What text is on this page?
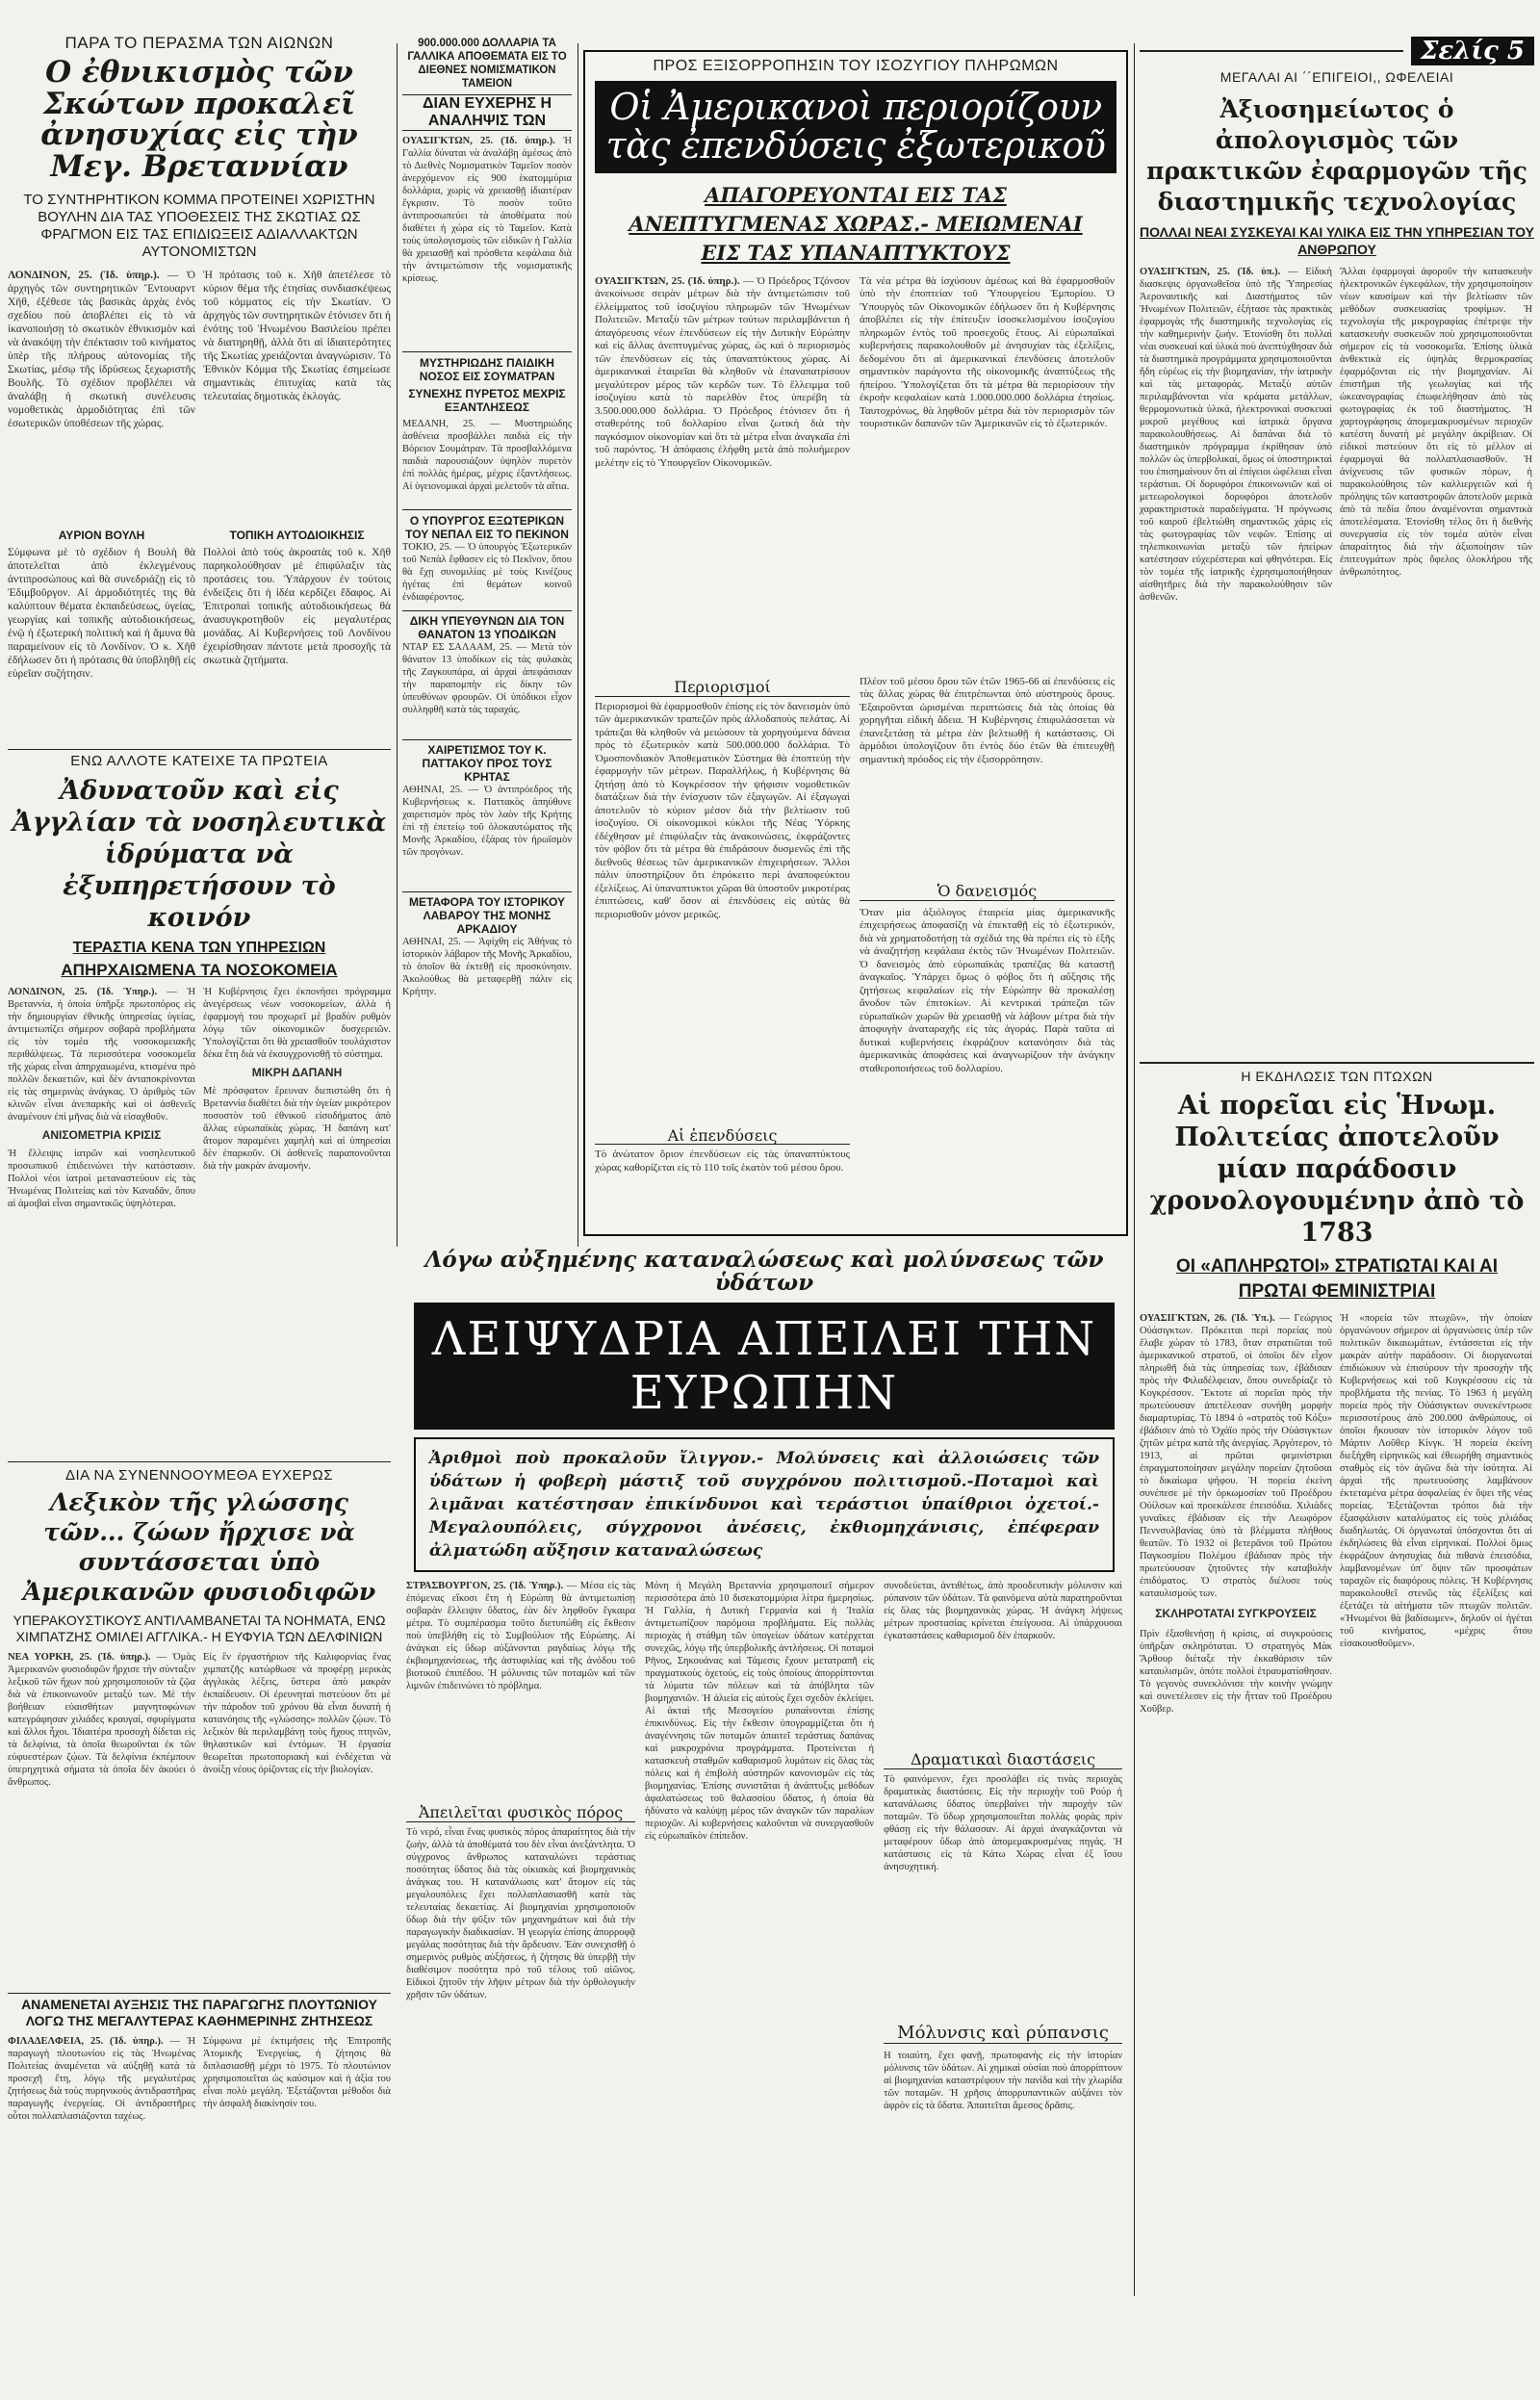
ΠΑΡΑ ΤΟ ΠΕΡΑΣΜΑ ΤΩΝ ΑΙΩΝΩΝ
Ο ἐθνικισμὸς τῶν Σκώτων προκαλεῖ ἀνησυχίας εἰς τὴν Μεγ. Βρεταννίαν
ΤΟ ΣΥΝΤΗΡΗΤΙΚΟΝ ΚΟΜΜΑ ΠΡΟΤΕΙΝΕΙ ΧΩΡΙΣΤΗΝ ΒΟΥΛΗΝ ΔΙΑ ΤΑΣ ΥΠΟΘΕΣΕΙΣ ΤΗΣ ΣΚΩΤΙΑΣ ΩΣ ΦΡΑΓΜΟΝ ΕΙΣ ΤΑΣ ΕΠΙΔΙΩΞΕΙΣ ΑΔΙΑΛΛΑΚΤΩΝ ΑΥΤΟΝΟΜΙΣΤΩΝ
ΛΟΝΔΙΝΟΝ, 25. (Ἰδ. ὑπηρ.). — Ὁ ἀρχηγὸς τῶν συντηρητικῶν Ἔντουαρντ Χῆθ, ἐξέθεσε τὰς βασικὰς ἀρχὰς ἑνὸς σχεδίου ποὺ ἀποβλέπει εἰς τὸ νὰ ἱκανοποιήσῃ τὸ σκωτικὸν ἐθνικισμὸν καὶ νὰ ἀνακόψῃ τὴν ἐπέκτασιν τοῦ κινήματος ὑπὲρ τῆς πλήρους αὐτονομίας τῆς Σκωτίας, μέσῳ τῆς ἱδρύσεως ξεχωριστῆς Βουλῆς. Τὸ σχέδιον προβλέπει νὰ ἀναλάβῃ ἡ σκωτικὴ συνέλευσις νομοθετικὰς ἁρμοδιότητας ἐπὶ τῶν ἐσωτερικῶν ὑποθέσεων τῆς χώρας.
Ἡ πρότασις τοῦ κ. Χῆθ ἀπετέλεσε τὸ κύριον θέμα τῆς ἐτησίας συνδιασκέψεως τοῦ κόμματος εἰς τὴν Σκωτίαν. Ὁ ἀρχηγὸς τῶν συντηρητικῶν ἐτόνισεν ὅτι ἡ ἑνότης τοῦ Ἡνωμένου Βασιλείου πρέπει νὰ διατηρηθῇ, ἀλλὰ ὅτι αἱ ἰδιαιτερότητες τῆς Σκωτίας χρειάζονται ἀναγνώρισιν. Τὸ Ἐθνικὸν Κόμμα τῆς Σκωτίας ἐσημείωσε σημαντικὰς ἐπιτυχίας κατὰ τὰς τελευταίας δημοτικὰς ἐκλογάς.
ΑΥΡΙΟΝ ΒΟΥΛΗ
Σύμφωνα μὲ τὸ σχέδιον ἡ Βουλὴ θὰ ἀποτελεῖται ἀπὸ ἐκλεγμένους ἀντιπροσώπους καὶ θὰ συνεδριάζῃ εἰς τὸ Ἐδιμβοῦργον. Αἱ ἁρμοδιότητές της θὰ καλύπτουν θέματα ἐκπαιδεύσεως, ὑγείας, γεωργίας καὶ τοπικῆς αὐτοδιοικήσεως, ἐνῷ ἡ ἐξωτερικὴ πολιτικὴ καὶ ἡ ἄμυνα θὰ παραμείνουν εἰς τὸ Λονδίνον. Ὁ κ. Χῆθ ἐδήλωσεν ὅτι ἡ πρότασις θὰ ὑποβληθῇ εἰς εὐρεῖαν συζήτησιν.
ΤΟΠΙΚΗ ΑΥΤΟΔΙΟΙΚΗΣΙΣ
Πολλοὶ ἀπὸ τοὺς ἀκροατὰς τοῦ κ. Χῆθ παρηκολούθησαν μὲ ἐπιφύλαξιν τὰς προτάσεις του. Ὑπάρχουν ἐν τούτοις ἐνδείξεις ὅτι ἡ ἰδέα κερδίζει ἔδαφος. Αἱ Ἐπιτροπαὶ τοπικῆς αὐτοδιοικήσεως θὰ ἀνασυγκροτηθοῦν εἰς μεγαλυτέρας μονάδας. Αἱ Κυβερνήσεις τοῦ Λονδίνου ἐχειρίσθησαν πάντοτε μετὰ προσοχῆς τὰ σκωτικὰ ζητήματα.
900.000.000 ΔΟΛΛΑΡΙΑ ΤΑ ΓΑΛΛΙΚΑ ΑΠΟΘΕΜΑΤΑ ΕΙΣ ΤΟ ΔΙΕΘΝΕΣ ΝΟΜΙΣΜΑΤΙΚΟΝ ΤΑΜΕΙΟΝ
ΔΙΑΝ ΕΥΧΕΡΗΣ Η ΑΝΑΛΗΨΙΣ ΤΩΝ
ΟΥΑΣΙΓΚΤΩΝ, 25. (Ἰδ. ὑπηρ.). Ἡ Γαλλία δύναται νὰ ἀναλάβῃ ἀμέσως ἀπὸ τὸ Διεθνὲς Νομισματικὸν Ταμεῖον ποσὸν ἀνερχόμενον εἰς 900 ἑκατομμύρια δολλάρια, χωρὶς νὰ χρειασθῇ ἰδιαιτέραν ἔγκρισιν. Τὸ ποσὸν τοῦτο ἀντιπροσωπεύει τὰ ἀποθέματα ποὺ διαθέτει ἡ χώρα εἰς τὸ Ταμεῖον. Κατὰ τοὺς ὑπολογισμοὺς τῶν εἰδικῶν ἡ Γαλλία θὰ χρειασθῇ καὶ πρόσθετα κεφάλαια διὰ τὴν ἀντιμετώπισιν τῆς νομισματικῆς κρίσεως.
ΜΥΣΤΗΡΙΩΔΗΣ ΠΑΙΔΙΚΗ ΝΟΣΟΣ ΕΙΣ ΣΟΥΜΑΤΡΑΝ
ΣΥΝΕΧΗΣ ΠΥΡΕΤΟΣ ΜΕΧΡΙΣ ΕΞΑΝΤΛΗΣΕΩΣ
ΜΕΔΑΝΗ, 25. — Μυστηριώδης ἀσθένεια προσβάλλει παιδιὰ εἰς τὴν Βόρειον Σουμάτραν. Τὰ προσβαλλόμενα παιδιὰ παρουσιάζουν ὑψηλὸν πυρετὸν ἐπὶ πολλὰς ἡμέρας, μέχρις ἐξαντλήσεως. Αἱ ὑγειονομικαὶ ἀρχαὶ μελετοῦν τὰ αἴτια.
Ο ΥΠΟΥΡΓΟΣ ΕΞΩΤΕΡΙΚΩΝ ΤΟΥ ΝΕΠΑΛ ΕΙΣ ΤΟ ΠΕΚΙΝΟΝ
ΤΟΚΙΟ, 25. — Ὁ ὑπουργὸς Ἐξωτερικῶν τοῦ Νεπὰλ ἔφθασεν εἰς τὸ Πεκῖνον, ὅπου θὰ ἔχῃ συνομιλίας μὲ τοὺς Κινέζους ἡγέτας ἐπὶ θεμάτων κοινοῦ ἐνδιαφέροντος.
ΔΙΚΗ ΥΠΕΥΘΥΝΩΝ ΔΙΑ ΤΟΝ ΘΑΝΑΤΟΝ 13 ΥΠΟΔΙΚΩΝ
ΝΤΑΡ ΕΣ ΣΑΛΑΑΜ, 25. — Μετὰ τὸν θάνατον 13 ὑποδίκων εἰς τὰς φυλακὰς τῆς Ζαγκουπάρα, αἱ ἀρχαὶ ἀπεφάσισαν τὴν παραπομπὴν εἰς δίκην τῶν ὑπευθύνων φρουρῶν. Οἱ ὑπόδικοι εἶχον συλληφθῆ κατὰ τὰς ταραχάς.
ΧΑΙΡΕΤΙΣΜΟΣ ΤΟΥ Κ. ΠΑΤΤΑΚΟΥ ΠΡΟΣ ΤΟΥΣ ΚΡΗΤΑΣ
ΑΘΗΝΑΙ, 25. — Ὁ ἀντιπρόεδρος τῆς Κυβερνήσεως κ. Παττακὸς ἀπηύθυνε χαιρετισμὸν πρὸς τὸν λαὸν τῆς Κρήτης ἐπὶ τῇ ἐπετείῳ τοῦ ὁλοκαυτώματος τῆς Μονῆς Ἀρκαδίου, ἐξάρας τὸν ἡρωϊσμὸν τῶν προγόνων.
ΜΕΤΑΦΟΡΑ ΤΟΥ ΙΣΤΟΡΙΚΟΥ ΛΑΒΑΡΟΥ ΤΗΣ ΜΟΝΗΣ ΑΡΚΑΔΙΟΥ
ΑΘΗΝΑΙ, 25. — Ἀφίχθη εἰς Ἀθήνας τὸ ἱστορικὸν λάβαρον τῆς Μονῆς Ἀρκαδίου, τὸ ὁποῖον θὰ ἐκτεθῇ εἰς προσκύνησιν. Ἀκολούθως θὰ μεταφερθῇ πάλιν εἰς Κρήτην.
ΠΡΟΣ ΕΞΙΣΟΡΡΟΠΗΣΙΝ ΤΟΥ ΙΣΟΖΥΓΙΟΥ ΠΛΗΡΩΜΩΝ
Οἱ Ἀμερικανοὶ περιορίζουν τὰς ἐπενδύσεις ἐξωτερικοῦ
ΑΠΑΓΟΡΕΥΟΝΤΑΙ ΕΙΣ ΤΑΣ ΑΝΕΠΤΥΓΜΕΝΑΣ ΧΩΡΑΣ.- ΜΕΙΩΜΕΝΑΙ ΕΙΣ ΤΑΣ ΥΠΑΝΑΠΤΥΚΤΟΥΣ
ΟΥΑΣΙΓΚΤΩΝ, 25. (Ἰδ. ὑπηρ.). — Ὁ Πρόεδρος Τζόνσον ἀνεκοίνωσε σειρὰν μέτρων διὰ τὴν ἀντιμετώπισιν τοῦ ἐλλείμματος τοῦ ἰσοζυγίου πληρωμῶν τῶν Ἡνωμένων Πολιτειῶν. Μεταξὺ τῶν μέτρων τούτων περιλαμβάνεται ἡ ἀπαγόρευσις νέων ἐπενδύσεων εἰς τὴν Δυτικὴν Εὐρώπην καὶ εἰς ἄλλας ἀνεπτυγμένας χώρας, ὡς καὶ ὁ περιορισμὸς τῶν ἐπενδύσεων εἰς τὰς ὑπαναπτύκτους χώρας. Αἱ ἀμερικανικαὶ ἑταιρεῖαι θὰ κληθοῦν νὰ ἐπαναπατρίσουν μεγαλύτερον μέρος τῶν κερδῶν των. Τὸ ἔλλειμμα τοῦ ἰσοζυγίου κατὰ τὸ παρελθὸν ἔτος ὑπερέβη τὰ 3.500.000.000 δολλάρια. Ὁ Πρόεδρος ἐτόνισεν ὅτι ἡ σταθερότης τοῦ δολλαρίου εἶναι ζωτικὴ διὰ τὴν παγκόσμιον οἰκονομίαν καὶ ὅτι τὰ μέτρα εἶναι ἀναγκαῖα ἐπὶ τοῦ παρόντος. Ἡ ἀπόφασις ἐλήφθη μετὰ ἀπὸ πολυήμερον μελέτην εἰς τὸ Ὑπουργεῖον Οἰκονομικῶν.
Τὰ νέα μέτρα θὰ ἰσχύσουν ἀμέσως καὶ θὰ ἐφαρμοσθοῦν ὑπὸ τὴν ἐποπτείαν τοῦ Ὑπουργείου Ἐμπορίου. Ὁ Ὑπουργὸς τῶν Οἰκονομικῶν ἐδήλωσεν ὅτι ἡ Κυβέρνησις ἀποβλέπει εἰς τὴν ἐπίτευξιν ἰσοσκελισμένου ἰσοζυγίου πληρωμῶν ἐντὸς τοῦ προσεχοῦς ἔτους. Αἱ εὐρωπαϊκαὶ κυβερνήσεις παρακολουθοῦν μὲ ἀνησυχίαν τὰς ἐξελίξεις, δεδομένου ὅτι αἱ ἀμερικανικαὶ ἐπενδύσεις ἀποτελοῦν σημαντικὸν παράγοντα τῆς οἰκονομικῆς ἀναπτύξεως τῆς ἠπείρου. Ὑπολογίζεται ὅτι τὰ μέτρα θὰ περιορίσουν τὴν ἐκροὴν κεφαλαίων κατὰ 1.000.000.000 δολλάρια ἐτησίως. Ταυτοχρόνως, θὰ ληφθοῦν μέτρα διὰ τὸν περιορισμὸν τῶν τουριστικῶν δαπανῶν τῶν Ἀμερικανῶν εἰς τὸ ἐξωτερικόν.
Περιορισμοί
Περιορισμοὶ θὰ ἐφαρμοσθοῦν ἐπίσης εἰς τὸν δανεισμὸν ὑπὸ τῶν ἀμερικανικῶν τραπεζῶν πρὸς ἀλλοδαποὺς πελάτας. Αἱ τράπεζαι θὰ κληθοῦν νὰ μειώσουν τὰ χορηγούμενα δάνεια πρὸς τὸ ἐξωτερικὸν κατὰ 500.000.000 δολλάρια. Τὸ Ὁμοσπονδιακὸν Ἀποθεματικὸν Σύστημα θὰ ἐποπτεύῃ τὴν ἐφαρμογὴν τῶν μέτρων. Παραλλήλως, ἡ Κυβέρνησις θὰ ζητήσῃ ἀπὸ τὸ Κογκρέσσον τὴν ψήφισιν νομοθετικῶν διατάξεων διὰ τὴν ἐνίσχυσιν τῶν ἐξαγωγῶν. Αἱ ἐξαγωγαὶ ἀποτελοῦν τὸ κύριον μέσον διὰ τὴν βελτίωσιν τοῦ ἰσοζυγίου. Οἱ οἰκονομικοὶ κύκλοι τῆς Νέας Ὑόρκης ἐδέχθησαν μὲ ἐπιφύλαξιν τὰς ἀνακοινώσεις, ἐκφράζοντες τὸν φόβον ὅτι τὰ μέτρα θὰ ἐπιδράσουν δυσμενῶς ἐπὶ τῆς διεθνοῦς θέσεως τῶν ἀμερικανικῶν ἐπιχειρήσεων. Ἄλλοι πάλιν ὑποστηρίζουν ὅτι ἐπρόκειτο περὶ ἀναποφεύκτου ἐξελίξεως. Αἱ ὑπαναπτυκτοι χῶραι θὰ ὑποστοῦν μικροτέρας ἐπιπτώσεις, καθ' ὅσον αἱ ἐπενδύσεις εἰς αὐτὰς θὰ περιορισθοῦν μόνον μερικῶς.
Αἱ ἐπενδύσεις
Τὸ ἀνώτατον ὅριον ἐπενδύσεων εἰς τὰς ὑπαναπτύκτους χώρας καθορίζεται εἰς τὸ 110 τοῖς ἑκατὸν τοῦ μέσου ὅρου.
Πλέον τοῦ μέσου ὅρου τῶν ἐτῶν 1965-66 αἱ ἐπενδύσεις εἰς τὰς ἄλλας χώρας θὰ ἐπιτρέπωνται ὑπὸ αὐστηροὺς ὅρους. Ἐξαιροῦνται ὡρισμέναι περιπτώσεις διὰ τὰς ὁποίας θὰ χορηγῆται εἰδικὴ ἄδεια. Ἡ Κυβέρνησις ἐπιφυλάσσεται νὰ ἐπανεξετάσῃ τὰ μέτρα ἐὰν βελτιωθῇ ἡ κατάστασις. Οἱ ἀρμόδιοι ὑπολογίζουν ὅτι ἐντὸς δύο ἐτῶν θὰ ἐπιτευχθῇ σημαντικὴ πρόοδος εἰς τὴν ἐξισορρόπησιν.
Ὁ δανεισμός
Ὅταν μία ἀξιόλογος ἑταιρεία μίας ἀμερικανικῆς ἐπιχειρήσεως ἀποφασίζῃ νὰ ἐπεκταθῇ εἰς τὸ ἐξωτερικόν, διὰ νὰ χρηματοδοτήσῃ τὰ σχέδιά της θὰ πρέπει εἰς τὸ ἑξῆς νὰ ἀναζητήσῃ κεφάλαια ἐκτὸς τῶν Ἡνωμένων Πολιτειῶν. Ὁ δανεισμὸς ἀπὸ εὐρωπαϊκὰς τραπέζας θὰ καταστῇ ἀναγκαῖος. Ὑπάρχει ὅμως ὁ φόβος ὅτι ἡ αὔξησις τῆς ζητήσεως κεφαλαίων εἰς τὴν Εὐρώπην θὰ προκαλέσῃ ἄνοδον τῶν ἐπιτοκίων. Αἱ κεντρικαὶ τράπεζαι τῶν εὐρωπαϊκῶν χωρῶν θὰ χρειασθῇ νὰ λάβουν μέτρα διὰ τὴν ἀποφυγὴν ἀναταραχῆς εἰς τὰς ἀγοράς. Παρὰ ταῦτα αἱ δυτικαὶ κυβερνήσεις ἐκφράζουν κατανόησιν διὰ τὰς ἀμερικανικὰς ἀποφάσεις καὶ ἀναγνωρίζουν τὴν ἀνάγκην σταθεροποιήσεως τοῦ δολλαρίου.
Σελίς 5
ΜΕΓΑΛΑΙ ΑΙ ΄΄ΕΠΙΓΕΙΟΙ,, ΩΦΕΛΕΙΑΙ
Ἀξιοσημείωτος ὁ ἀπολογισμὸς τῶν πρακτικῶν ἐφαρμογῶν τῆς διαστημικῆς τεχνολογίας
ΠΟΛΛΑΙ ΝΕΑΙ ΣΥΣΚΕΥΑΙ ΚΑΙ ΥΛΙΚΑ ΕΙΣ ΤΗΝ ΥΠΗΡΕΣΙΑΝ ΤΟΥ ΑΝΘΡΩΠΟΥ
ΟΥΑΣΙΓΚΤΩΝ, 25. (Ἰδ. ὑπ.). — Εἰδικὴ διασκεψις ὀργανωθεῖσα ὑπὸ τῆς Ὑπηρεσίας Ἀεροναυτικῆς καὶ Διαστήματος τῶν Ἡνωμένων Πολιτειῶν, ἐξήτασε τὰς πρακτικὰς ἐφαρμογὰς τῆς διαστημικῆς τεχνολογίας εἰς τὴν καθημερινὴν ζωήν. Ἐτονίσθη ὅτι πολλαὶ νέαι συσκευαὶ καὶ ὑλικὰ ποὺ ἀνεπτύχθησαν διὰ τὰ διαστημικὰ προγράμματα χρησιμοποιοῦνται ἤδη εὐρέως εἰς τὴν βιομηχανίαν, τὴν ἰατρικὴν καὶ τὰς μεταφοράς. Μεταξὺ αὐτῶν περιλαμβάνονται νέα κράματα μετάλλων, θερμομονωτικὰ ὑλικά, ἠλεκτρονικαὶ συσκευαὶ μικροῦ μεγέθους καὶ ἰατρικὰ ὄργανα παρακολουθήσεως. Αἱ δαπάναι διὰ τὸ διαστημικὸν πρόγραμμα ἐκρίθησαν ὑπὸ πολλῶν ὡς ὑπερβολικαί, ὅμως οἱ ὑποστηρικταὶ του ἐπισημαίνουν ὅτι αἱ ἐπίγειοι ὠφέλειαι εἶναι τεράστιαι. Οἱ δορυφόροι ἐπικοινωνιῶν καὶ οἱ μετεωρολογικοὶ δορυφόροι ἀποτελοῦν χαρακτηριστικὰ παραδείγματα. Ἡ πρόγνωσις τοῦ καιροῦ ἐβελτιώθη σημαντικῶς χάρις εἰς τὰς φωτογραφίας τῶν νεφῶν. Ἐπίσης αἱ τηλεπικοινωνίαι μεταξὺ τῶν ἠπείρων κατέστησαν εὐχερέστεραι καὶ φθηνότεραι. Εἰς τὸν τομέα τῆς ἰατρικῆς ἐχρησιμοποιήθησαν αἰσθητῆρες διὰ τὴν παρακολούθησιν τῶν ἀσθενῶν.
Ἄλλαι ἐφαρμογαὶ ἀφοροῦν τὴν κατασκευὴν ἠλεκτρονικῶν ἐγκεφάλων, τὴν χρησιμοποίησιν νέων καυσίμων καὶ τὴν βελτίωσιν τῶν μεθόδων συσκευασίας τροφίμων. Ἡ τεχνολογία τῆς μικρογραφίας ἐπέτρεψε τὴν κατασκευὴν συσκευῶν ποὺ χρησιμοποιοῦνται σήμερον εἰς τὰ νοσοκομεῖα. Ἐπίσης ὑλικὰ ἀνθεκτικὰ εἰς ὑψηλὰς θερμοκρασίας ἐφαρμόζονται εἰς τὴν βιομηχανίαν. Αἱ ἐπιστῆμαι τῆς γεωλογίας καὶ τῆς ὠκεανογραφίας ἐπωφελήθησαν ἀπὸ τὰς φωτογραφίας ἐκ τοῦ διαστήματος. Ἡ χαρτογράφησις ἀπομεμακρυσμένων περιοχῶν κατέστη δυνατὴ μὲ μεγάλην ἀκρίβειαν. Οἱ εἰδικοὶ πιστεύουν ὅτι εἰς τὸ μέλλον αἱ ἐφαρμογαὶ θὰ πολλαπλασιασθοῦν. Ἡ ἀνίχνευσις τῶν φυσικῶν πόρων, ἡ παρακολούθησις τῶν καλλιεργειῶν καὶ ἡ πρόληψις τῶν καταστροφῶν ἀποτελοῦν μερικὰ ἀπὸ τὰ πεδία ὅπου ἀναμένονται σημαντικὰ ἀποτελέσματα. Ἐτονίσθη τέλος ὅτι ἡ διεθνὴς συνεργασία εἰς τὸν τομέα αὐτὸν εἶναι ἀπαραίτητος διὰ τὴν ἀξιοποίησιν τῶν ἐπιτευγμάτων πρὸς ὄφελος ὁλοκλήρου τῆς ἀνθρωπότητος.
Η ΕΚΔΗΛΩΣΙΣ ΤΩΝ ΠΤΩΧΩΝ
Αἱ πορεῖαι εἰς Ἡνωμ. Πολιτείας ἀποτελοῦν μίαν παράδοσιν χρονολογουμένην ἀπὸ τὸ 1783
ΟΙ «ΑΠΛΗΡΩΤΟΙ» ΣΤΡΑΤΙΩΤΑΙ ΚΑΙ ΑΙ ΠΡΩΤΑΙ ΦΕΜΙΝΙΣΤΡΙΑΙ
ΟΥΑΣΙΓΚΤΩΝ, 26. (Ἰδ. Ὑπ.). — Γεώργιος Οὐάσιγκτων. Πρόκειται περὶ πορείας ποὺ ἔλαβε χώραν τὸ 1783, ὅταν στρατιῶται τοῦ ἀμερικανικοῦ στρατοῦ, οἱ ὁποῖοι δὲν εἶχον πληρωθῆ διὰ τὰς ὑπηρεσίας των, ἐβάδισαν πρὸς τὴν Φιλαδέλφειαν, ὅπου συνεδρίαζε τὸ Κογκρέσσον. Ἔκτοτε αἱ πορεῖαι πρὸς τὴν πρωτεύουσαν ἀπετέλεσαν συνήθη μορφὴν διαμαρτυρίας. Τὸ 1894 ὁ «στρατὸς τοῦ Κόξυ» ἐβάδισεν ἀπὸ τὸ Ὀχάϊο πρὸς τὴν Οὐάσιγκτων ζητῶν μέτρα κατὰ τῆς ἀνεργίας. Ἀργότερον, τὸ 1913, αἱ πρῶται φεμινίστριαι ἐπραγματοποίησαν μεγάλην πορείαν ζητοῦσαι τὸ δικαίωμα ψήφου. Ἡ πορεία ἐκείνη συνέπεσε μὲ τὴν ὁρκωμοσίαν τοῦ Προέδρου Οὐίλσων καὶ προεκάλεσε ἐπεισόδια. Χιλιάδες γυναῖκες ἐβάδισαν εἰς τὴν Λεωφόρον Πεννσυλβανίας ὑπὸ τὰ βλέμματα πλήθους θεατῶν. Τὸ 1932 οἱ βετερᾶνοι τοῦ Πρώτου Παγκοσμίου Πολέμου ἐβάδισαν πρὸς τὴν πρωτεύουσαν ζητοῦντες τὴν καταβολὴν ἐπιδόματος. Ὁ στρατὸς διέλυσε τοὺς καταυλισμούς των.
ΣΚΛΗΡΟΤΑΤΑΙ ΣΥΓΚΡΟΥΣΕΙΣ
Πρὶν ἐξασθενήσῃ ἡ κρίσις, αἱ συγκρούσεις ὑπῆρξαν σκληρόταται. Ὁ στρατηγὸς Μὰκ Ἄρθουρ διέταξε τὴν ἐκκαθάρισιν τῶν καταυλισμῶν, ὁπότε πολλοὶ ἐτραυματίσθησαν. Τὸ γεγονὸς συνεκλόνισε τὴν κοινὴν γνώμην καὶ συνετέλεσεν εἰς τὴν ἧτταν τοῦ Προέδρου Χοῦβερ.
Ἡ «πορεία τῶν πτωχῶν», τὴν ὁποίαν ὀργανώνουν σήμερον αἱ ὀργανώσεις ὑπὲρ τῶν πολιτικῶν δικαιωμάτων, ἐντάσσεται εἰς τὴν μακρὰν αὐτὴν παράδοσιν. Οἱ διοργανωταὶ ἐπιδιώκουν νὰ ἐπισύρουν τὴν προσοχὴν τῆς Κυβερνήσεως καὶ τοῦ Κογκρέσσου εἰς τὰ προβλήματα τῆς πενίας. Τὸ 1963 ἡ μεγάλη πορεία πρὸς τὴν Οὐάσιγκτων συνεκέντρωσε περισσοτέρους ἀπὸ 200.000 ἀνθρώπους, οἱ ὁποῖοι ἤκουσαν τὸν ἱστορικὸν λόγον τοῦ Μάρτιν Λοῦθερ Κίνγκ. Ἡ πορεία ἐκείνη διεξήχθη εἰρηνικῶς καὶ ἐθεωρήθη σημαντικὸς σταθμὸς εἰς τὸν ἀγῶνα διὰ τὴν ἰσότητα. Αἱ ἀρχαὶ τῆς πρωτευούσης λαμβάνουν ἐκτεταμένα μέτρα ἀσφαλείας ἐν ὄψει τῆς νέας πορείας. Ἐξετάζονται τρόποι διὰ τὴν ἐξασφάλισιν καταλύματος εἰς τοὺς χιλιάδας διαδηλωτάς. Οἱ ὀργανωταὶ ὑπόσχονται ὅτι αἱ ἐκδηλώσεις θὰ εἶναι εἰρηνικαί. Πολλοὶ ὅμως ἐκφράζουν ἀνησυχίας διὰ πιθανὰ ἐπεισόδια, λαμβανομένων ὑπ' ὄψιν τῶν προσφάτων ταραχῶν εἰς διαφόρους πόλεις. Ἡ Κυβέρνησις παρακολουθεῖ στενῶς τὰς ἐξελίξεις καὶ ἐξετάζει τὰ αἰτήματα τῶν πτωχῶν πολιτῶν. «Ἠνωμένοι θὰ βαδίσωμεν», δηλοῦν οἱ ἡγέται τοῦ κινήματος, «μέχρις ὅτου εἰσακουσθοῦμεν».
ΕΝΩ ΑΛΛΟΤΕ ΚΑΤΕΙΧΕ ΤΑ ΠΡΩΤΕΙΑ
Ἀδυνατοῦν καὶ εἰς Ἀγγλίαν τὰ νοσηλευτικὰ ἱδρύματα νὰ ἐξυπηρετήσουν τὸ κοινόν
ΤΕΡΑΣΤΙΑ ΚΕΝΑ ΤΩΝ ΥΠΗΡΕΣΙΩΝ
ΑΠΗΡΧΑΙΩΜΕΝΑ ΤΑ ΝΟΣΟΚΟΜΕΙΑ
ΛΟΝΔΙΝΟΝ, 25. (Ἰδ. Ὑπηρ.). — Ἡ Βρεταννία, ἡ ὁποία ὑπῆρξε πρωτοπόρος εἰς τὴν δημιουργίαν ἐθνικῆς ὑπηρεσίας ὑγείας, ἀντιμετωπίζει σήμερον σοβαρὰ προβλήματα εἰς τὸν τομέα τῆς νοσοκομειακῆς περιθάλψεως. Τὰ περισσότερα νοσοκομεῖα τῆς χώρας εἶναι ἀπηρχαιωμένα, κτισμένα πρὸ πολλῶν δεκαετιῶν, καὶ δὲν ἀνταποκρίνονται εἰς τὰς σημερινὰς ἀνάγκας. Ὁ ἀριθμὸς τῶν κλινῶν εἶναι ἀνεπαρκὴς καὶ οἱ ἀσθενεῖς ἀναμένουν ἐπὶ μῆνας διὰ νὰ εἰσαχθοῦν.
ΑΝΙΣΟΜΕΤΡΙΑ ΚΡΙΣΙΣ
Ἡ ἔλλειψις ἰατρῶν καὶ νοσηλευτικοῦ προσωπικοῦ ἐπιδεινώνει τὴν κατάστασιν. Πολλοὶ νέοι ἰατροὶ μεταναστεύουν εἰς τὰς Ἡνωμένας Πολιτείας καὶ τὸν Καναδᾶν, ὅπου αἱ ἀμοιβαὶ εἶναι σημαντικῶς ὑψηλότεραι.
Ἡ Κυβέρνησις ἔχει ἐκπονήσει πρόγραμμα ἀνεγέρσεως νέων νοσοκομείων, ἀλλὰ ἡ ἐφαρμογή του προχωρεῖ μὲ βραδὺν ρυθμὸν λόγῳ τῶν οἰκονομικῶν δυσχερειῶν. Ὑπολογίζεται ὅτι θὰ χρειασθοῦν τουλάχιστον δέκα ἔτη διὰ νὰ ἐκσυγχρονισθῇ τὸ σύστημα.
ΜΙΚΡΗ ΔΑΠΑΝΗ
Μὲ πρόσφατον ἔρευναν διεπιστώθη ὅτι ἡ Βρεταννία διαθέτει διὰ τὴν ὑγείαν μικρότερον ποσοστὸν τοῦ ἐθνικοῦ εἰσοδήματος ἀπὸ ἄλλας εὐρωπαϊκὰς χώρας. Ἡ δαπάνη κατ' ἄτομον παραμένει χαμηλὴ καὶ αἱ ὑπηρεσίαι δὲν ἐπαρκοῦν. Οἱ ἀσθενεῖς παραπονοῦνται διὰ τὴν μακρὰν ἀναμονήν.
ΔΙΑ ΝΑ ΣΥΝΕΝΝΟΟΥΜΕΘΑ ΕΥΧΕΡΩΣ
Λεξικὸν τῆς γλώσσης τῶν... ζώων ἤρχισε νὰ συντάσσεται ὑπὸ Ἀμερικανῶν φυσιοδιφῶν
ΥΠΕΡΑΚΟΥΣΤΙΚΟΥΣ ΑΝΤΙΛΑΜΒΑΝΕΤΑΙ ΤΑ ΝΟΗΜΑΤΑ, ΕΝΩ ΧΙΜΠΑΤΖΗΣ ΟΜΙΛΕΙ ΑΓΓΛΙΚΑ.- Η ΕΥΦΥΙΑ ΤΩΝ ΔΕΛΦΙΝΙΩΝ
ΝΕΑ ΥΟΡΚΗ, 25. (Ἰδ. ὑπηρ.). — Ὁμὰς Ἀμερικανῶν φυσιοδιφῶν ἤρχισε τὴν σύνταξιν λεξικοῦ τῶν ἤχων ποὺ χρησιμοποιοῦν τὰ ζῷα διὰ νὰ ἐπικοινωνοῦν μεταξύ των. Μὲ τὴν βοήθειαν εὐαισθήτων μαγνητοφώνων κατεγράφησαν χιλιάδες κραυγαί, σφυρίγματα καὶ ἄλλοι ἦχοι. Ἰδιαιτέρα προσοχὴ δίδεται εἰς τὰ δελφίνια, τὰ ὁποῖα θεωροῦνται ἐκ τῶν εὐφυεστέρων ζῴων. Τὰ δελφίνια ἐκπέμπουν ὑπερηχητικὰ σήματα τὰ ὁποῖα δὲν ἀκούει ὁ ἄνθρωπος.
Εἰς ἓν ἐργαστήριον τῆς Καλιφορνίας ἕνας χιμπατζῆς κατώρθωσε νὰ προφέρῃ μερικὰς ἀγγλικὰς λέξεις, ὕστερα ἀπὸ μακρὰν ἐκπαίδευσιν. Οἱ ἐρευνηταὶ πιστεύουν ὅτι μὲ τὴν πάροδον τοῦ χρόνου θὰ εἶναι δυνατὴ ἡ κατανόησις τῆς «γλώσσης» πολλῶν ζῴων. Τὸ λεξικὸν θὰ περιλαμβάνῃ τοὺς ἤχους πτηνῶν, θηλαστικῶν καὶ ἐντόμων. Ἡ ἐργασία θεωρεῖται πρωτοποριακὴ καὶ ἐνδέχεται νὰ ἀνοίξῃ νέους ὁρίζοντας εἰς τὴν βιολογίαν.
ΑΝΑΜΕΝΕΤΑΙ ΑΥΞΗΣΙΣ ΤΗΣ ΠΑΡΑΓΩΓΗΣ ΠΛΟΥΤΩΝΙΟΥ ΛΟΓΩ ΤΗΣ ΜΕΓΑΛΥΤΕΡΑΣ ΚΑΘΗΜΕΡΙΝΗΣ ΖΗΤΗΣΕΩΣ
ΦΙΛΑΔΕΛΦΕΙΑ, 25. (Ἰδ. ὑπηρ.). — Ἡ παραγωγὴ πλουτωνίου εἰς τὰς Ἡνωμένας Πολιτείας ἀναμένεται νὰ αὐξηθῇ κατὰ τὰ προσεχῆ ἔτη, λόγῳ τῆς μεγαλυτέρας ζητήσεως διὰ τοὺς πυρηνικοὺς ἀντιδραστῆρας παραγωγῆς ἐνεργείας. Οἱ ἀντιδραστῆρες οὗτοι πολλαπλασιάζονται ταχέως.
Σύμφωνα μὲ ἐκτιμήσεις τῆς Ἐπιτροπῆς Ἀτομικῆς Ἐνεργείας, ἡ ζήτησις θὰ διπλασιασθῇ μέχρι τὸ 1975. Τὸ πλουτώνιον χρησιμοποιεῖται ὡς καύσιμον καὶ ἡ ἀξία του εἶναι πολὺ μεγάλη. Ἐξετάζονται μέθοδοι διὰ τὴν ἀσφαλῆ διακίνησίν του.
Λόγω αὐξημένης καταναλώσεως καὶ μολύνσεως τῶν ὑδάτων
ΛΕΙΨΥΔΡΙΑ ΑΠΕΙΛΕΙ ΤΗΝ ΕΥΡΩΠΗΝ
Ἀριθμοὶ ποὺ προκαλοῦν ἴλιγγον.- Μολύνσεις καὶ ἀλλοιώσεις τῶν ὑδάτων ἡ φοβερὴ μάστιξ τοῦ συγχρόνου πολιτισμοῦ.-Ποταμοὶ καὶ λιμᾶναι κατέστησαν ἐπικίνδυνοι καὶ τεράστιοι ὑπαίθριοι ὀχετοί.- Μεγαλουπόλεις, σύγχρονοι ἀνέσεις, ἐκθιομηχάνισις, ἐπέφεραν ἀλματώδη αὔξησιν καταναλώσεως
ΣΤΡΑΣΒΟΥΡΓΟΝ, 25. (Ἰδ. Ὑπηρ.). — Μέσα εἰς τὰς ἐπόμενας εἴκοσι ἔτη ἡ Εὐρώπη θὰ ἀντιμετωπίσῃ σοβαρὰν ἔλλειψιν ὕδατος, ἐὰν δὲν ληφθοῦν ἔγκαιρα μέτρα. Τὸ συμπέρασμα τοῦτο διετυπώθη εἰς ἔκθεσιν ποὺ ὑπεβλήθη εἰς τὸ Συμβούλιον τῆς Εὐρώπης. Αἱ ἀνάγκαι εἰς ὕδωρ αὐξάνονται ραγδαίως λόγῳ τῆς ἐκβιομηχανίσεως, τῆς ἀστυφιλίας καὶ τῆς ἀνόδου τοῦ βιοτικοῦ ἐπιπέδου. Ἡ μόλυνσις τῶν ποταμῶν καὶ τῶν λιμνῶν ἐπιδεινώνει τὸ πρόβλημα.
Ἀπειλεῖται φυσικὸς πόρος
Τὸ νερό, εἶναι ἕνας φυσικὸς πόρος ἀπαραίτητος διὰ τὴν ζωήν, ἀλλὰ τὰ ἀποθέματά του δὲν εἶναι ἀνεξάντλητα. Ὁ σύγχρονος ἄνθρωπος καταναλώνει τεράστιας ποσότητας ὕδατος διὰ τὰς οἰκιακὰς καὶ βιομηχανικὰς ἀνάγκας του. Ἡ κατανάλωσις κατ' ἄτομον εἰς τὰς μεγαλουπόλεις ἔχει πολλαπλασιασθῆ κατὰ τὰς τελευταίας δεκαετίας. Αἱ βιομηχανίαι χρησιμοποιοῦν ὕδωρ διὰ τὴν ψῦξιν τῶν μηχανημάτων καὶ διὰ τὴν παραγωγικὴν διαδικασίαν. Ἡ γεωργία ἐπίσης ἀπορροφᾷ μεγάλας ποσότητας διὰ τὴν ἄρδευσιν. Ἐὰν συνεχισθῇ ὁ σημερινὸς ρυθμὸς αὐξήσεως, ἡ ζήτησις θὰ ὑπερβῇ τὴν διαθέσιμον ποσότητα πρὸ τοῦ τέλους τοῦ αἰῶνος. Εἰδικοὶ ζητοῦν τὴν λῆψιν μέτρων διὰ τὴν ὀρθολογικὴν χρῆσιν τῶν ὑδάτων.
Μόνη ἡ Μεγάλη Βρεταννία χρησιμοποιεῖ σήμερον περισσότερα ἀπὸ 10 δισεκατομμύρια λίτρα ἡμερησίως. Ἡ Γαλλία, ἡ Δυτικὴ Γερμανία καὶ ἡ Ἰταλία ἀντιμετωπίζουν παρόμοια προβλήματα. Εἰς πολλὰς περιοχὰς ἡ στάθμη τῶν ὑπογείων ὑδάτων κατέρχεται συνεχῶς, λόγῳ τῆς ὑπερβολικῆς ἀντλήσεως. Οἱ ποταμοὶ Ρῆνος, Σηκουάνας καὶ Τάμεσις ἔχουν μετατραπῆ εἰς πραγματικοὺς ὀχετούς, εἰς τοὺς ὁποίους ἀπορρίπτονται τὰ λύματα τῶν πόλεων καὶ τὰ ἀπόβλητα τῶν βιομηχανιῶν. Ἡ ἁλιεία εἰς αὐτοὺς ἔχει σχεδὸν ἐκλείψει. Αἱ ἀκταὶ τῆς Μεσογείου ρυπαίνονται ἐπίσης ἐπικινδύνως. Εἰς τὴν ἔκθεσιν ὑπογραμμίζεται ὅτι ἡ ἀναγέννησις τῶν ποταμῶν ἀπαιτεῖ τεράστιας δαπάνας καὶ μακροχρόνια προγράμματα. Προτείνεται ἡ κατασκευὴ σταθμῶν καθαρισμοῦ λυμάτων εἰς ὅλας τὰς πόλεις καὶ ἡ ἐπιβολὴ αὐστηρῶν κανονισμῶν εἰς τὰς βιομηχανίας. Ἐπίσης συνιστᾶται ἡ ἀνάπτυξις μεθόδων ἀφαλατώσεως τοῦ θαλασσίου ὕδατος, ἡ ὁποία θὰ ἠδύνατο νὰ καλύψῃ μέρος τῶν ἀναγκῶν τῶν παραλίων περιοχῶν. Αἱ κυβερνήσεις καλοῦνται νὰ συνεργασθοῦν εἰς εὐρωπαϊκὸν ἐπίπεδον.
συνοδεύεται, ἀντιθέτως, ἀπὸ προοδευτικὴν μόλυνσιν καὶ ρύπανσιν τῶν ὑδάτων. Τὰ φαινόμενα αὐτὰ παρατηροῦνται εἰς ὅλας τὰς βιομηχανικὰς χώρας. Ἡ ἀνάγκη λήψεως μέτρων προστασίας κρίνεται ἐπείγουσα. Αἱ ὑπάρχουσαι ἐγκαταστάσεις καθαρισμοῦ δὲν ἐπαρκοῦν.
Δραματικαὶ διαστάσεις
Τὸ φαινόμενον, ἔχει προσλάβει εἰς τινὰς περιοχὰς δραματικὰς διαστάσεις. Εἰς τὴν περιοχὴν τοῦ Ρούρ ἡ κατανάλωσις ὕδατος ὑπερβαίνει τὴν παροχὴν τῶν ποταμῶν. Τὸ ὕδωρ χρησιμοποιεῖται πολλὰς φορὰς πρὶν φθάσῃ εἰς τὴν θάλασσαν. Αἱ ἀρχαὶ ἀναγκάζονται νὰ μεταφέρουν ὕδωρ ἀπὸ ἀπομεμακρυσμένας πηγάς. Ἡ κατάστασις εἰς τὰ Κάτω Χώρας εἶναι ἐξ ἴσου ἀνησυχητική.
Μόλυνσις καὶ ρύπανσις
Η τοιαύτη, ἔχει φανῇ, πρωτοφανὴς εἰς τὴν ἱστορίαν μόλυνσις τῶν ὑδάτων. Αἱ χημικαὶ οὐσίαι ποὺ ἀπορρίπτουν αἱ βιομηχανίαι καταστρέφουν τὴν πανίδα καὶ τὴν χλωρίδα τῶν ποταμῶν. Ἡ χρῆσις ἀπορρυπαντικῶν αὐξάνει τὸν ἀφρὸν εἰς τὰ ὕδατα. Ἀπαιτεῖται ἄμεσος δρᾶσις.
